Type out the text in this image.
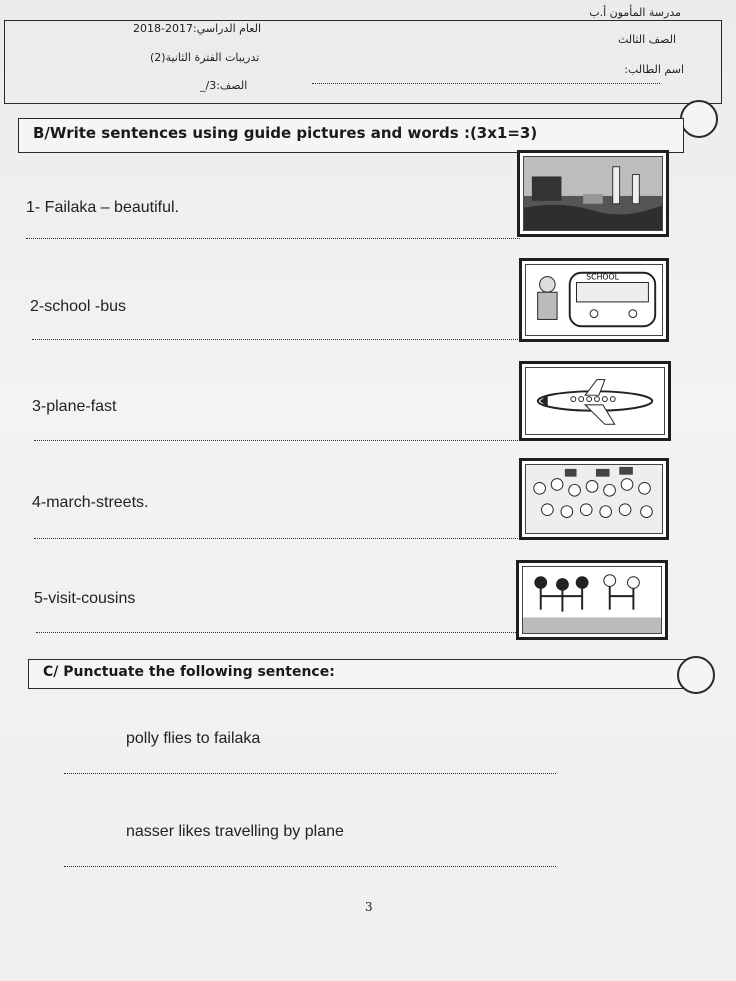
مدرسة المأمون أ.ب
الصف الثالث
اسم الطالب:
العام الدراسي:2017-2018
تدريبات الفترة الثانية(2)
الصف:3/_
B/Write sentences using guide pictures and words :(3x1=3)
1- Failaka – beautiful.
2-school -bus
SCHOOL
3-plane-fast
4-march-streets.
5-visit-cousins
C/ Punctuate the following sentence:
polly flies to failaka
nasser likes travelling by plane
3
